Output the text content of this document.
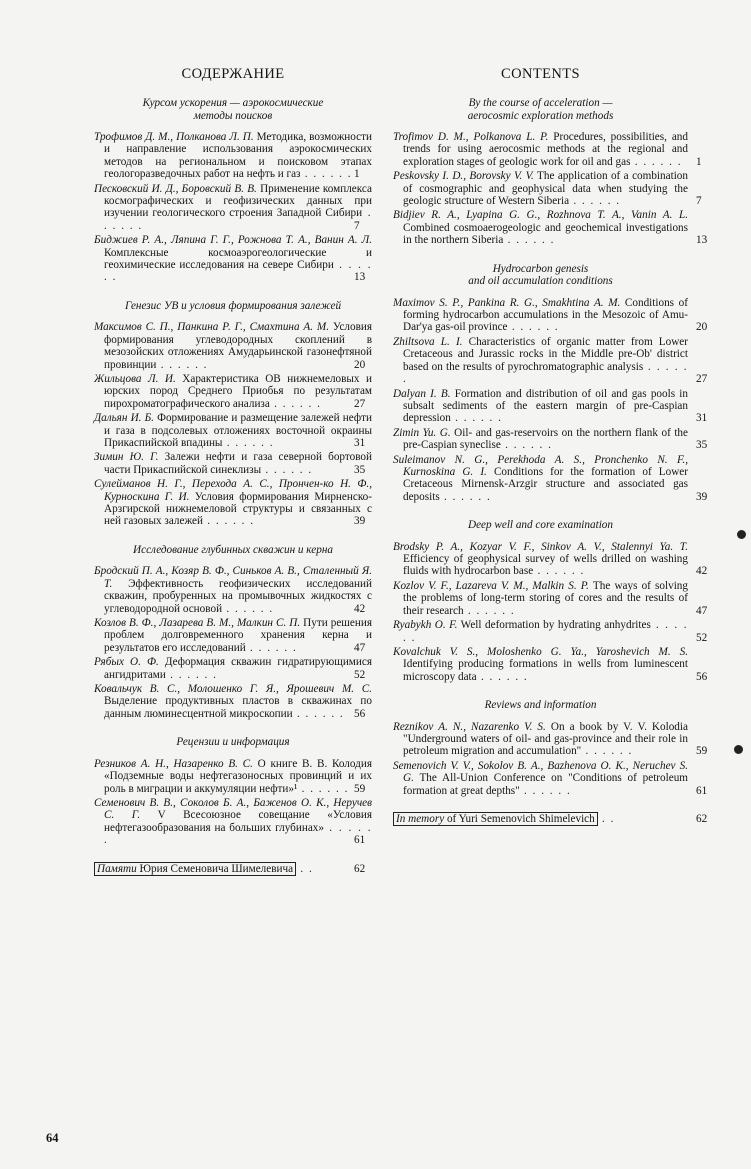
СОДЕРЖАНИЕ
Курсом ускорения — аэрокосмические
методы поисков
Трофимов Д. М., Полканова Л. П. Методика, возможности и направление использования аэрокосмических методов на региональном и поисковом этапах геологоразведочных работ на нефть и газ . . . . . . 1
Песковский И. Д., Боровский В. В. Применение комплекса космографических и геофизических данных при изучении геологического строения Западной Сибири . . . . . .	7
Биджиев Р. А., Ляпина Г. Г., Рожнова Т. А., Ванин А. Л. Комплексные космоаэрогеологические и геохимические исследования на севере Сибири . . . . . .	13
Генезис УВ и условия формирования залежей
Максимов С. П., Панкина Р. Г., Смахтина А. М. Условия формирования углеводородных скоплений в мезозойских отложениях Амударьинской газонефтяной провинции . . . . . .	20
Жильцова Л. И. Характеристика ОВ нижнемеловых и юрских пород Среднего Приобья по результатам пирохроматографического анализа . . . . . .	27
Дальян И. Б. Формирование и размещение залежей нефти и газа в подсолевых отложениях восточной окраины Прикаспийской впадины . . . . . .	31
Зимин Ю. Г. Залежи нефти и газа северной бортовой части Прикаспийской синеклизы . . . . . .	35
Сулейманов Н. Г., Перехода А. С., Прончен-ко Н. Ф., Курноскина Г. И. Условия формирования Мирненско-Арзгирской нижнемеловой структуры и связанных с ней газовых залежей . . . . . .	39
Исследование глубинных скважин и керна
Бродский П. А., Козяр В. Ф., Синьков А. В., Сталенный Я. Т. Эффективность геофизических исследований скважин, пробуренных на промывочных жидкостях с углеводородной основой . . . . . .	42
Козлов В. Ф., Лазарева В. М., Малкин С. П. Пути решения проблем долговременного хранения керна и результатов его исследований . . . . . .	47
Рябых О. Ф. Деформация скважин гидратирующимися ангидритами . . . . . .	52
Ковальчук В. С., Молошенко Г. Я., Ярошевич М. С. Выделение продуктивных пластов в скважинах по данным люминесцентной микроскопии . . . . . . 56
Рецензии и информация
Резников А. Н., Назаренко В. С. О книге В. В. Колодия «Подземные воды нефтегазоносных провинций и их роль в миграции и аккумуляции нефти»¹ . . . . . . 59
Семенович В. В., Соколов Б. А., Баженов О. К., Неручев С. Г. V Всесоюзное совещание «Условия нефтегазообразования на больших глубинах» . . . . . .	61
Памяти Юрия Семеновича Шимелевича . .	62
CONTENTS
By the course of acceleration —
aerocosmic exploration methods
Trofimov D. M., Polkanova L. P. Procedures, possibilities, and trends for using aerocosmic methods at the regional and exploration stages of geologic work for oil and gas . . . . . . 1
Peskovsky I. D., Borovsky V. V. The application of a combination of cosmographic and geophysical data when studying the geologic structure of Western Siberia . . . . . .	7
Bidjiev R. A., Lyapina G. G., Rozhnova T. A., Vanin A. L. Combined cosmoaerogeologic and geochemical investigations in the northern Siberia . . . . . .	13
Hydrocarbon genesis
and oil accumulation conditions
Maximov S. P., Pankina R. G., Smakhtina A. M. Conditions of forming hydrocarbon accumulations in the Mesozoic of Amu-Dar'ya gas-oil province . . . . . .	20
Zhiltsova L. I. Characteristics of organic matter from Lower Cretaceous and Jurassic rocks in the Middle pre-Ob' district based on the results of pyrochromatographic analysis . . . . . .	27
Dalyan I. B. Formation and distribution of oil and gas pools in subsalt sediments of the eastern margin of pre-Caspian depression . . . . . .	31
Zimin Yu. G. Oil- and gas-reservoirs on the northern flank of the pre-Caspian syneclise . . . . . .	35
Suleimanov N. G., Perekhoda A. S., Pronchenko N. F., Kurnoskina G. I. Conditions for the formation of Lower Cretaceous Mirnensk-Arzgir structure and associated gas deposits . . . . . .	39
Deep well and core examination
Brodsky P. A., Kozyar V. F., Sinkov A. V., Stalennyi Ya. T. Efficiency of geophysical survey of wells drilled on washing fluids with hydrocarbon base . . . . . .	42
Kozlov V. F., Lazareva V. M., Malkin S. P. The ways of solving the problems of long-term storing of cores and the results of their research . . . . . .	47
Ryabykh O. F. Well deformation by hydrating anhydrites . . . . . .	52
Kovalchuk V. S., Moloshenko G. Ya., Yaroshevich M. S. Identifying producing formations in wells from luminescent microscopy data . . . . . .	56
Reviews and information
Reznikov A. N., Nazarenko V. S. On a book by V. V. Kolodia "Underground waters of oil- and gas-province and their role in petroleum migration and accumulation" . . . . . .	59
Semenovich V. V., Sokolov B. A., Bazhenova O. K., Neruchev S. G. The All-Union Conference on "Conditions of petroleum formation at great depths" . . . . . .	61
In memory of Yuri Semenovich Shimelevich . .	62
64
